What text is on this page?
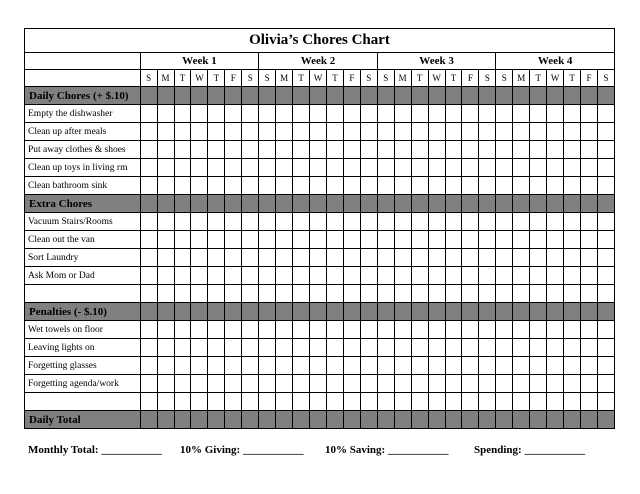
Olivia’s Chores Chart																												
	Week 1							Week 2							Week 3							Week 4						
	S	M	T	W	T	F	S	S	M	T	W	T	F	S	S	M	T	W	T	F	S	S	M	T	W	T	F	S
Daily Chores (+ $.10)																												
Empty the dishwasher																												
Clean up after meals																												
Put away clothes & shoes																												
Clean up toys in living rm																												
Clean bathroom sink																												
Extra Chores																												
Vacuum Stairs/Rooms																												
Clean out the van																												
Sort Laundry																												
Ask Mom or Dad																												

Penalties (- $.10)																												
Wet towels on floor																												
Leaving lights on																												
Forgetting glasses																												
Forgetting agenda/work																												

Daily Total																												
Monthly Total: ___________ 10% Giving: ___________ 10% Saving: ___________ Spending: ___________
